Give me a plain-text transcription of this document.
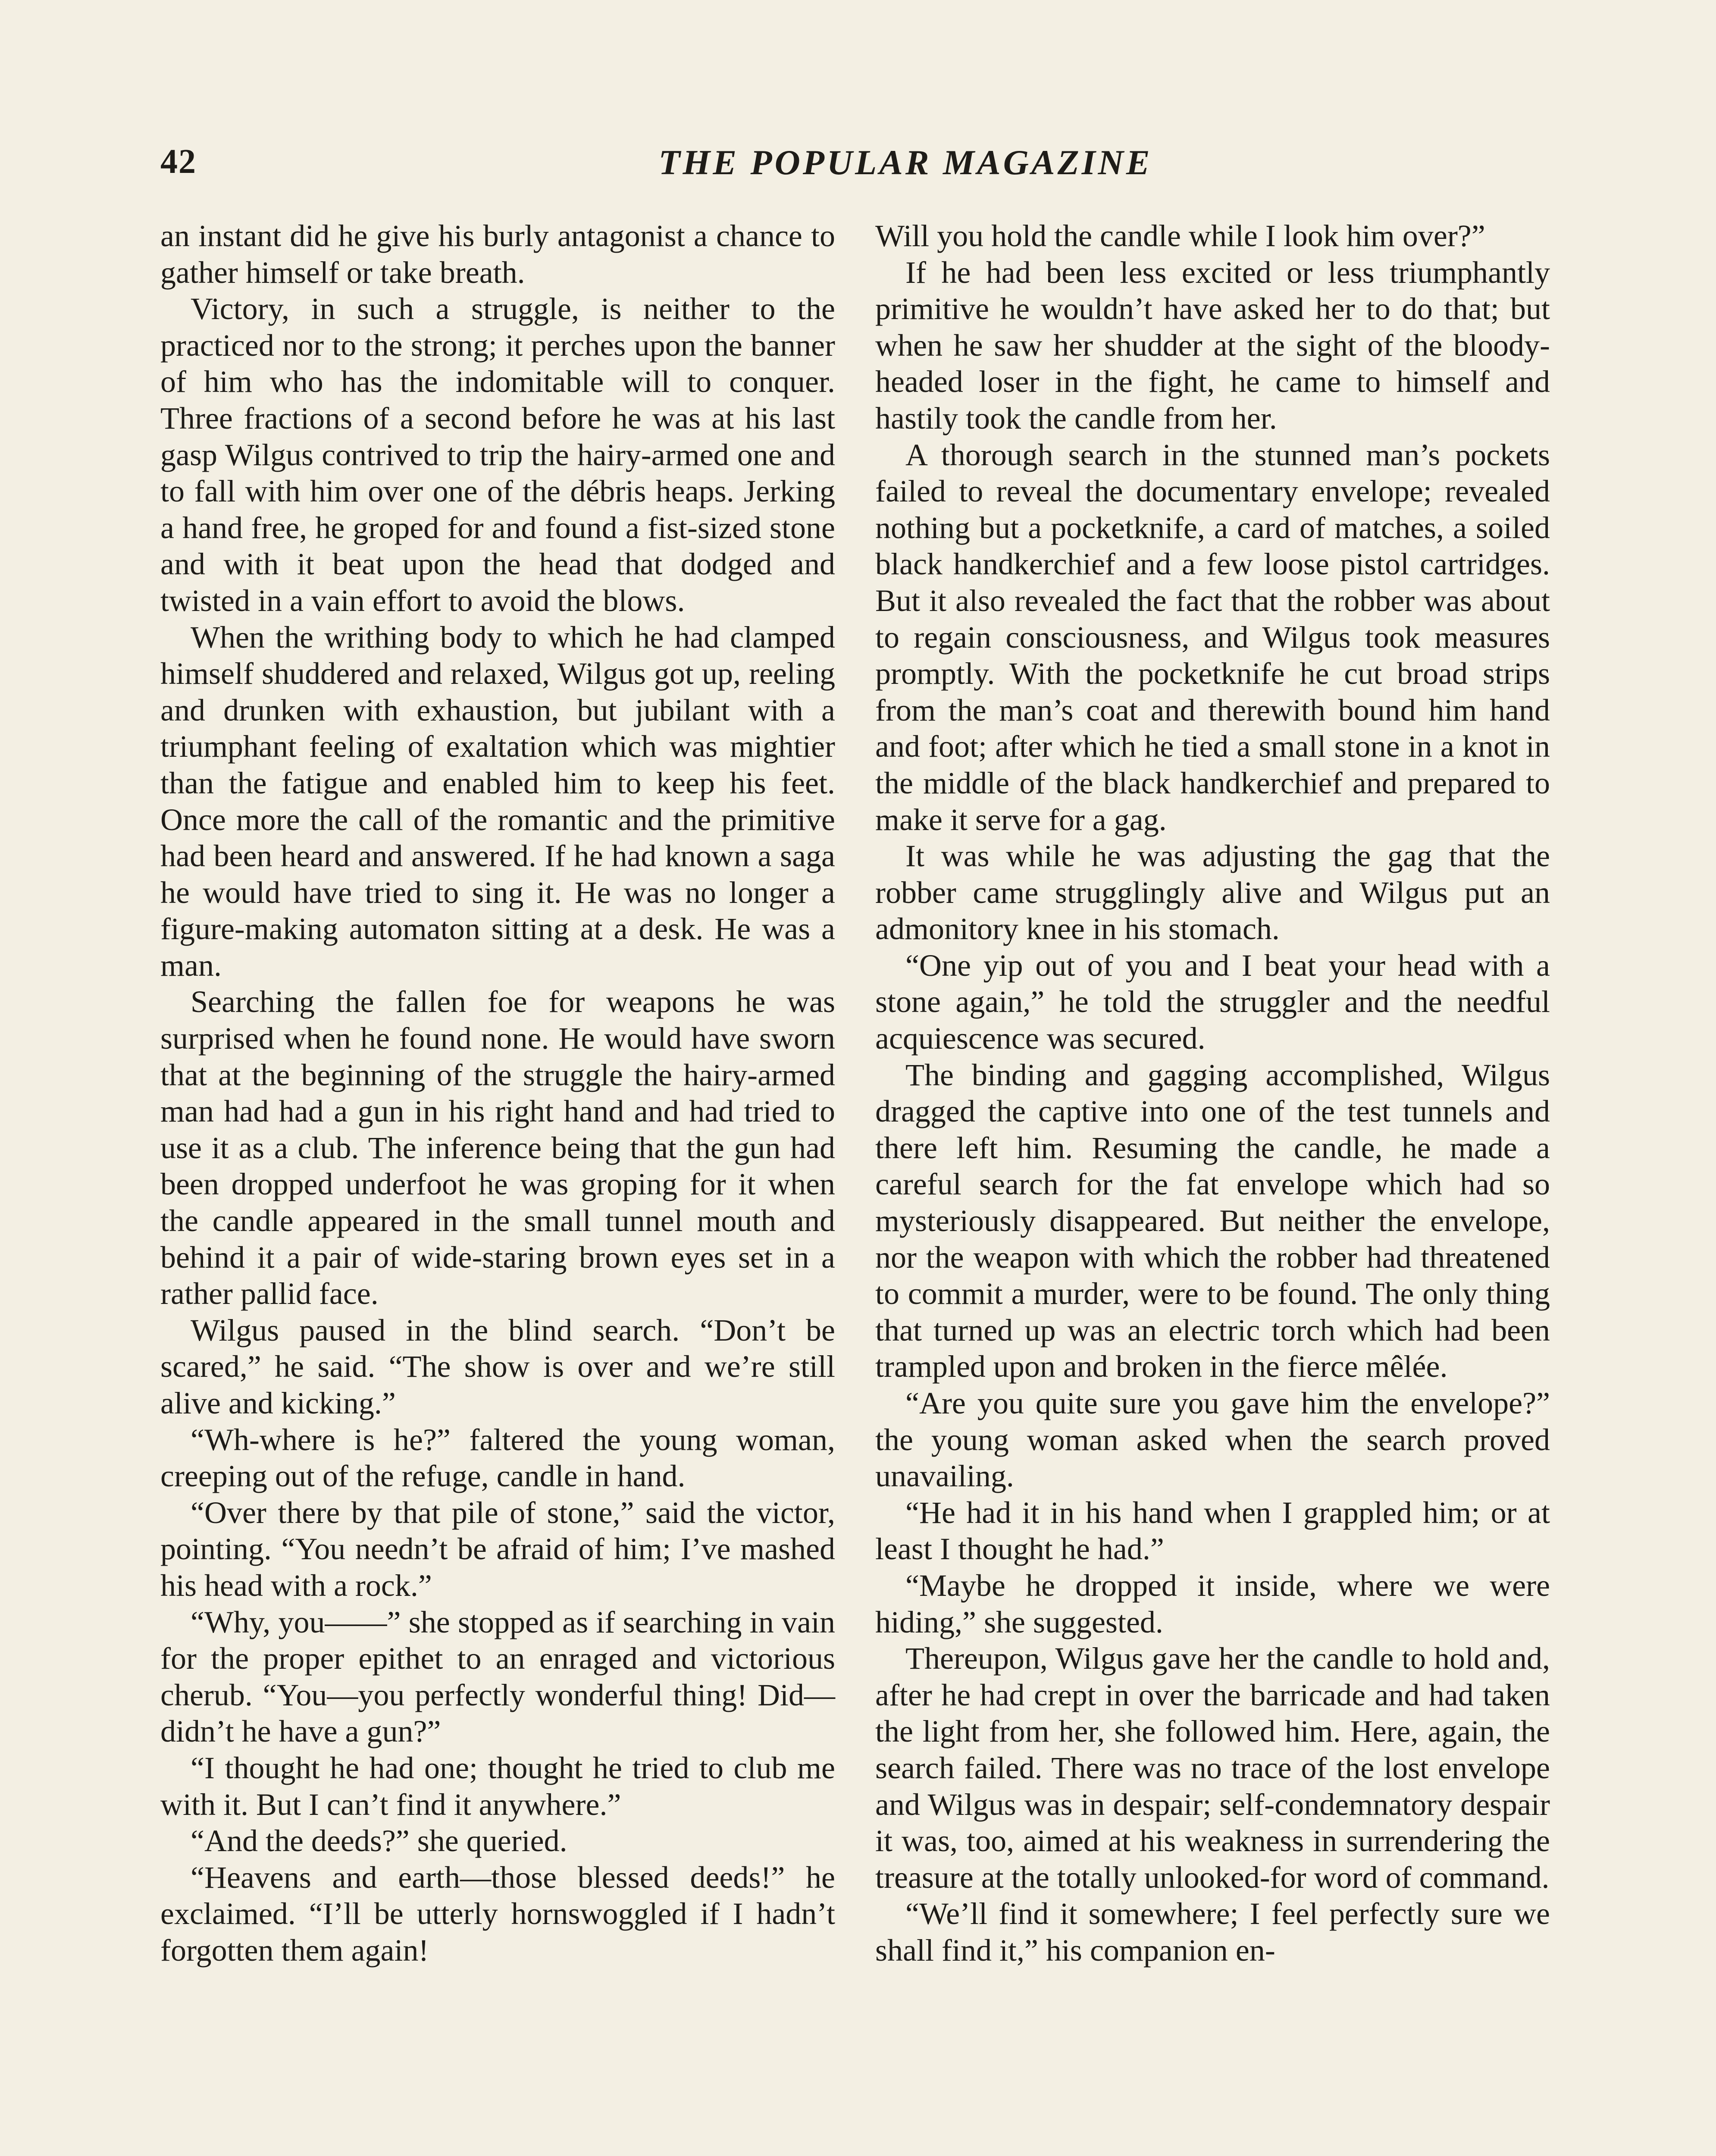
42	THE POPULAR MAGAZINE

an instant did he give his burly antagonist a chance to gather himself or take breath.

Victory, in such a struggle, is neither to the practiced nor to the strong; it perches upon the banner of him who has the indomitable will to conquer. Three fractions of a second before he was at his last gasp Wilgus contrived to trip the hairy-armed one and to fall with him over one of the débris heaps. Jerking a hand free, he groped for and found a fist-sized stone and with it beat upon the head that dodged and twisted in a vain effort to avoid the blows.

When the writhing body to which he had clamped himself shuddered and relaxed, Wilgus got up, reeling and drunken with exhaustion, but jubilant with a triumphant feeling of exaltation which was mightier than the fatigue and enabled him to keep his feet. Once more the call of the romantic and the primitive had been heard and answered. If he had known a saga he would have tried to sing it. He was no longer a figure-making automaton sitting at a desk. He was a man.

Searching the fallen foe for weapons he was surprised when he found none. He would have sworn that at the beginning of the struggle the hairy-armed man had had a gun in his right hand and had tried to use it as a club. The inference being that the gun had been dropped underfoot he was groping for it when the candle appeared in the small tunnel mouth and behind it a pair of wide-staring brown eyes set in a rather pallid face.

Wilgus paused in the blind search. “Don’t be scared,” he said. “The show is over and we’re still alive and kicking.”

“Wh-where is he?” faltered the young woman, creeping out of the refuge, candle in hand.

“Over there by that pile of stone,” said the victor, pointing. “You needn’t be afraid of him; I’ve mashed his head with a rock.”

“Why, you——” she stopped as if searching in vain for the proper epithet to an enraged and victorious cherub. “You—you perfectly wonderful thing! Did—didn’t he have a gun?”

“I thought he had one; thought he tried to club me with it. But I can’t find it anywhere.”

“And the deeds?” she queried.

“Heavens and earth—those blessed deeds!” he exclaimed. “I’ll be utterly hornswoggled if I hadn’t forgotten them again!

Will you hold the candle while I look him over?”

If he had been less excited or less triumphantly primitive he wouldn’t have asked her to do that; but when he saw her shudder at the sight of the bloody-headed loser in the fight, he came to himself and hastily took the candle from her.

A thorough search in the stunned man’s pockets failed to reveal the documentary envelope; revealed nothing but a pocketknife, a card of matches, a soiled black handkerchief and a few loose pistol cartridges. But it also revealed the fact that the robber was about to regain consciousness, and Wilgus took measures promptly. With the pocketknife he cut broad strips from the man’s coat and therewith bound him hand and foot; after which he tied a small stone in a knot in the middle of the black handkerchief and prepared to make it serve for a gag.

It was while he was adjusting the gag that the robber came strugglingly alive and Wilgus put an admonitory knee in his stomach.

“One yip out of you and I beat your head with a stone again,” he told the struggler and the needful acquiescence was secured.

The binding and gagging accomplished, Wilgus dragged the captive into one of the test tunnels and there left him. Resuming the candle, he made a careful search for the fat envelope which had so mysteriously disappeared. But neither the envelope, nor the weapon with which the robber had threatened to commit a murder, were to be found. The only thing that turned up was an electric torch which had been trampled upon and broken in the fierce mêlée.

“Are you quite sure you gave him the envelope?” the young woman asked when the search proved unavailing.

“He had it in his hand when I grappled him; or at least I thought he had.”

“Maybe he dropped it inside, where we were hiding,” she suggested.

Thereupon, Wilgus gave her the candle to hold and, after he had crept in over the barricade and had taken the light from her, she followed him. Here, again, the search failed. There was no trace of the lost envelope and Wilgus was in despair; self-condemnatory despair it was, too, aimed at his weakness in surrendering the treasure at the totally unlooked-for word of command.

“We’ll find it somewhere; I feel perfectly sure we shall find it,” his companion en-
